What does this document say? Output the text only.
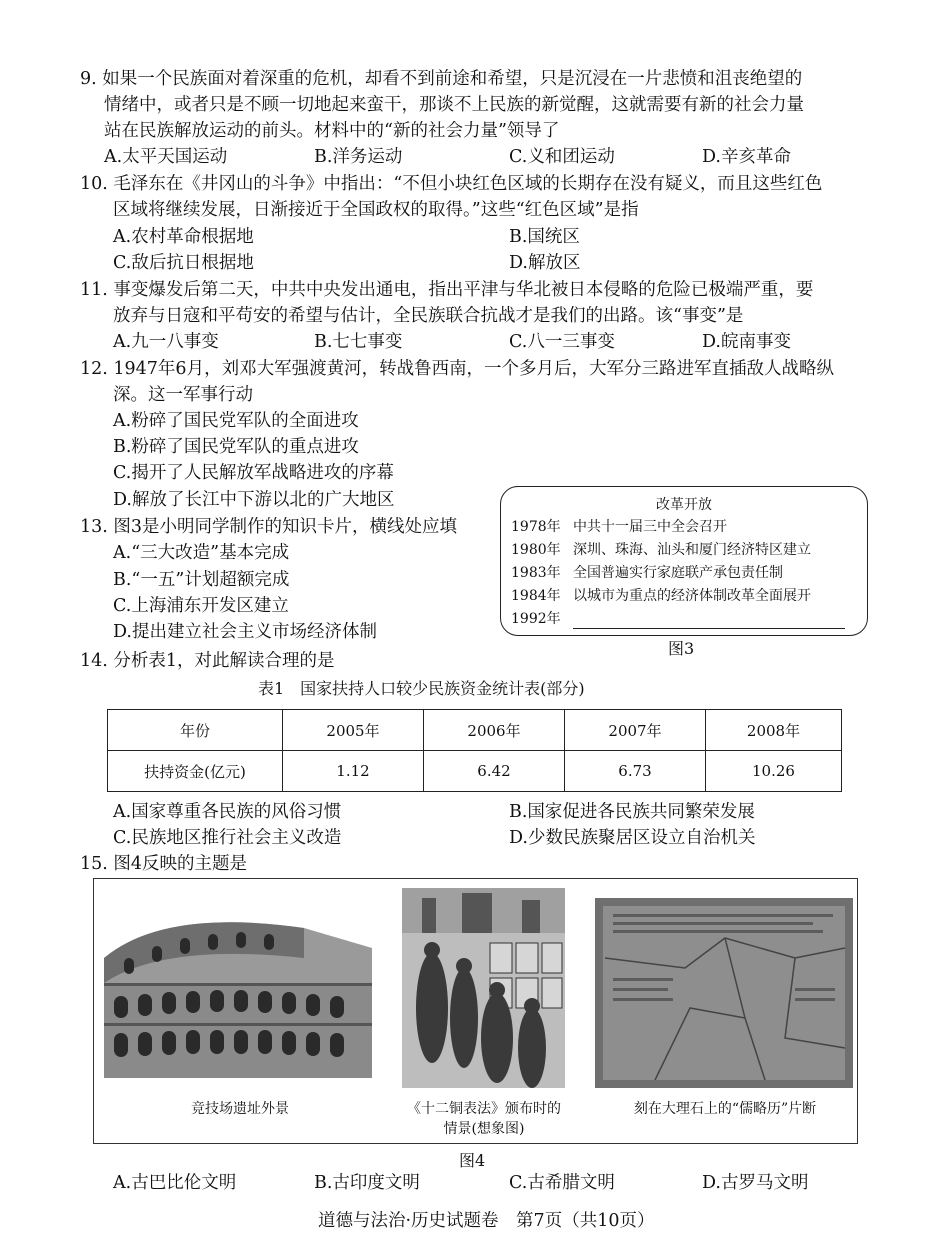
9. 如果一个民族面对着深重的危机，却看不到前途和希望，只是沉浸在一片悲愤和沮丧绝望的
情绪中，或者只是不顾一切地起来蛮干，那谈不上民族的新觉醒，这就需要有新的社会力量
站在民族解放运动的前头。材料中的“新的社会力量”领导了
A.太平天国运动	B.洋务运动	C.义和团运动	D.辛亥革命
10. 毛泽东在《井冈山的斗争》中指出：“不但小块红色区域的长期存在没有疑义，而且这些红色
区域将继续发展，日渐接近于全国政权的取得。”这些“红色区域”是指
A.农村革命根据地	B.国统区
C.敌后抗日根据地	D.解放区
11. 事变爆发后第二天，中共中央发出通电，指出平津与华北被日本侵略的危险已极端严重，要
放弃与日寇和平苟安的希望与估计，全民族联合抗战才是我们的出路。该“事变”是
A.九一八事变	B.七七事变	C.八一三事变	D.皖南事变
12. 1947年6月，刘邓大军强渡黄河，转战鲁西南，一个多月后，大军分三路进军直插敌人战略纵
深。这一军事行动
A.粉碎了国民党军队的全面进攻
B.粉碎了国民党军队的重点进攻
C.揭开了人民解放军战略进攻的序幕
D.解放了长江中下游以北的广大地区
13. 图3是小明同学制作的知识卡片，横线处应填
A.“三大改造”基本完成
B.“一五”计划超额完成
C.上海浦东开发区建立
D.提出建立社会主义市场经济体制
改革开放
1978年 中共十一届三中全会召开
1980年 深圳、珠海、汕头和厦门经济特区建立
1983年 全国普遍实行家庭联产承包责任制
1984年 以城市为重点的经济体制改革全面展开
1992年
图3
14. 分析表1，对此解读合理的是
表1　国家扶持人口较少民族资金统计表(部分)
年份	2005年	2006年	2007年	2008年
扶持资金(亿元)	1.12	6.42	6.73	10.26
A.国家尊重各民族的风俗习惯	B.国家促进各民族共同繁荣发展
C.民族地区推行社会主义改造	D.少数民族聚居区设立自治机关
15. 图4反映的主题是
竞技场遗址外景	《十二铜表法》颁布时的
情景(想象图)
刻在大理石上的“儒略历”片断
图4
A.古巴比伦文明	B.古印度文明	C.古希腊文明	D.古罗马文明
道德与法治·历史试题卷　第7页（共10页）
